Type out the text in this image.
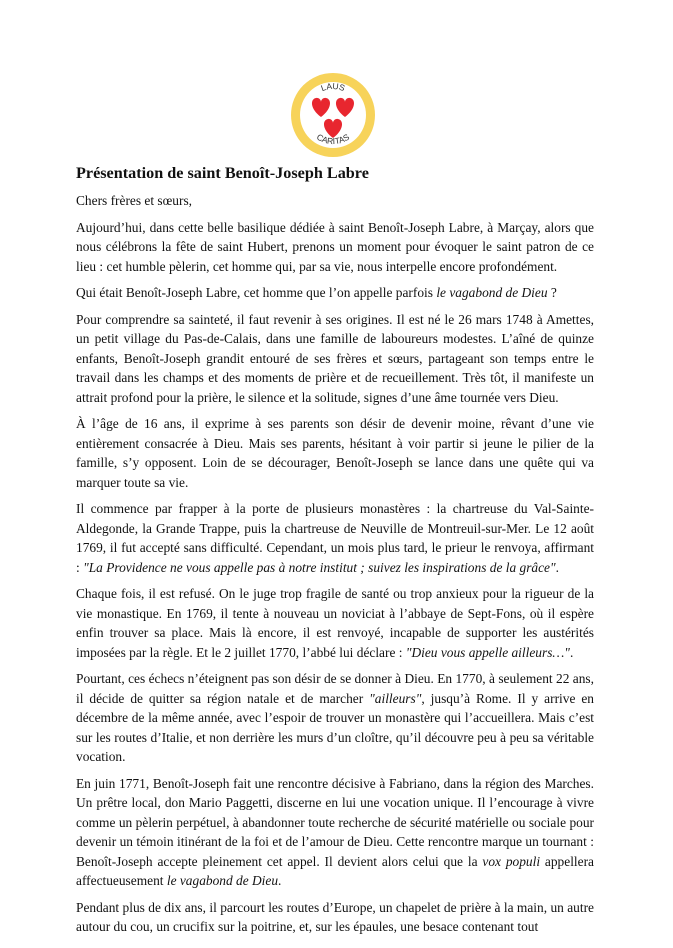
LAUS
CARITAS
Présentation de saint Benoît-Joseph Labre

Chers frères et sœurs,

Aujourd’hui, dans cette belle basilique dédiée à saint Benoît-Joseph Labre, à Marçay, alors que nous célébrons la fête de saint Hubert, prenons un moment pour évoquer le saint patron de ce lieu : cet humble pèlerin, cet homme qui, par sa vie, nous interpelle encore profondément.

Qui était Benoît-Joseph Labre, cet homme que l’on appelle parfois le vagabond de Dieu ?

Pour comprendre sa sainteté, il faut revenir à ses origines. Il est né le 26 mars 1748 à Amettes, un petit village du Pas-de-Calais, dans une famille de laboureurs modestes. L’aîné de quinze enfants, Benoît-Joseph grandit entouré de ses frères et sœurs, partageant son temps entre le travail dans les champs et des moments de prière et de recueillement. Très tôt, il manifeste un attrait profond pour la prière, le silence et la solitude, signes d’une âme tournée vers Dieu.

À l’âge de 16 ans, il exprime à ses parents son désir de devenir moine, rêvant d’une vie entièrement consacrée à Dieu. Mais ses parents, hésitant à voir partir si jeune le pilier de la famille, s’y opposent. Loin de se décourager, Benoît-Joseph se lance dans une quête qui va marquer toute sa vie.

Il commence par frapper à la porte de plusieurs monastères : la chartreuse du Val-Sainte-Aldegonde, la Grande Trappe, puis la chartreuse de Neuville de Montreuil-sur-Mer. Le 12 août 1769, il fut accepté sans difficulté. Cependant, un mois plus tard, le prieur le renvoya, affirmant : "La Providence ne vous appelle pas à notre institut ; suivez les inspirations de la grâce".

Chaque fois, il est refusé. On le juge trop fragile de santé ou trop anxieux pour la rigueur de la vie monastique. En 1769, il tente à nouveau un noviciat à l’abbaye de Sept-Fons, où il espère enfin trouver sa place. Mais là encore, il est renvoyé, incapable de supporter les austérités imposées par la règle. Et le 2 juillet 1770, l’abbé lui déclare : "Dieu vous appelle ailleurs…".

Pourtant, ces échecs n’éteignent pas son désir de se donner à Dieu. En 1770, à seulement 22 ans, il décide de quitter sa région natale et de marcher "ailleurs", jusqu’à Rome. Il y arrive en décembre de la même année, avec l’espoir de trouver un monastère qui l’accueillera. Mais c’est sur les routes d’Italie, et non derrière les murs d’un cloître, qu’il découvre peu à peu sa véritable vocation.

En juin 1771, Benoît-Joseph fait une rencontre décisive à Fabriano, dans la région des Marches. Un prêtre local, don Mario Paggetti, discerne en lui une vocation unique. Il l’encourage à vivre comme un pèlerin perpétuel, à abandonner toute recherche de sécurité matérielle ou sociale pour devenir un témoin itinérant de la foi et de l’amour de Dieu. Cette rencontre marque un tournant : Benoît-Joseph accepte pleinement cet appel. Il devient alors celui que la vox populi appellera affectueusement le vagabond de Dieu.

Pendant plus de dix ans, il parcourt les routes d’Europe, un chapelet de prière à la main, un autre autour du cou, un crucifix sur la poitrine, et, sur les épaules, une besace contenant tout
